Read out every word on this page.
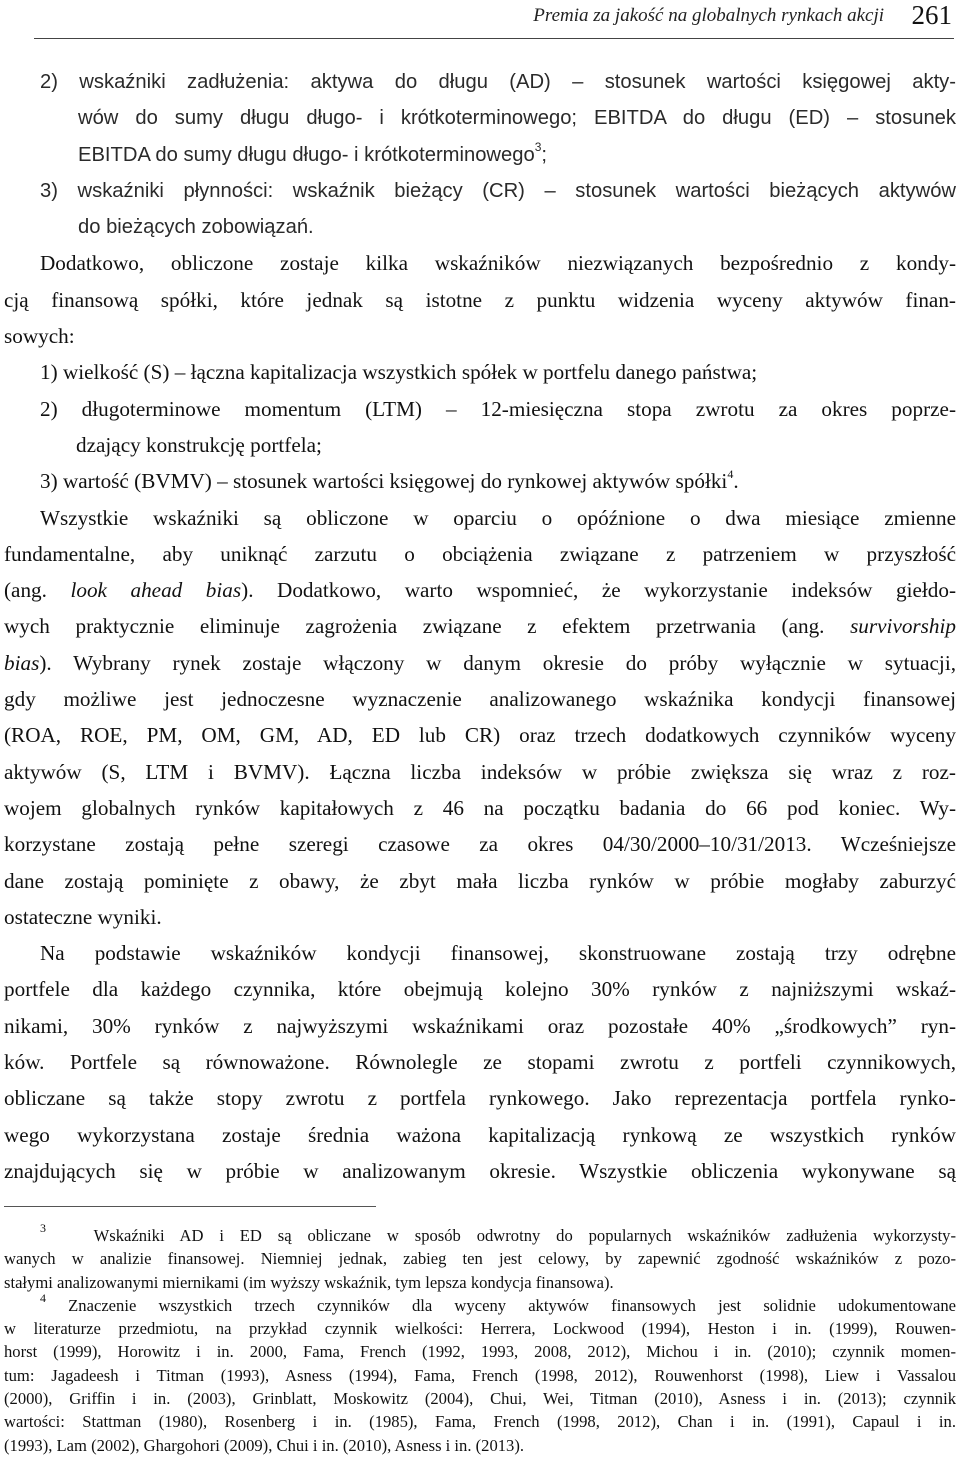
Premia za jakość na globalnych rynkach akcji 261
2) wskaźniki zadłużenia: aktywa do długu (AD) – stosunek wartości księgowej akty-
wów do sumy długu długo- i krótkoterminowego; EBITDA do długu (ED) – stosunek
EBITDA do sumy długu długo- i krótkoterminowego$^3$;
3) wskaźniki płynności: wskaźnik bieżący (CR) – stosunek wartości bieżących aktywów
do bieżących zobowiązań.
Dodatkowo, obliczone zostaje kilka wskaźników niezwiązanych bezpośrednio z kondy-
cją finansową spółki, które jednak są istotne z punktu widzenia wyceny aktywów finan-
sowych:
1) wielkość (S) – łączna kapitalizacja wszystkich spółek w portfelu danego państwa;
2) długoterminowe momentum (LTM) – 12-miesięczna stopa zwrotu za okres poprze-
dzający konstrukcję portfela;
3) wartość (BVMV) – stosunek wartości księgowej do rynkowej aktywów spółki$^4$.
Wszystkie wskaźniki są obliczone w oparciu o opóźnione o dwa miesiące zmienne
fundamentalne, aby uniknąć zarzutu o obciążenia związane z patrzeniem w przyszłość
(ang. look ahead bias). Dodatkowo, warto wspomnieć, że wykorzystanie indeksów giełdo-
wych praktycznie eliminuje zagrożenia związane z efektem przetrwania (ang. survivorship
bias). Wybrany rynek zostaje włączony w danym okresie do próby wyłącznie w sytuacji,
gdy możliwe jest jednoczesne wyznaczenie analizowanego wskaźnika kondycji finansowej
(ROA, ROE, PM, OM, GM, AD, ED lub CR) oraz trzech dodatkowych czynników wyceny
aktywów (S, LTM i BVMV). Łączna liczba indeksów w próbie zwiększa się wraz z roz-
wojem globalnych rynków kapitałowych z 46 na początku badania do 66 pod koniec. Wy-
korzystane zostają pełne szeregi czasowe za okres 04/30/2000–10/31/2013. Wcześniejsze
dane zostają pominięte z obawy, że zbyt mała liczba rynków w próbie mogłaby zaburzyć
ostateczne wyniki.
Na podstawie wskaźników kondycji finansowej, skonstruowane zostają trzy odrębne
portfele dla każdego czynnika, które obejmują kolejno 30% rynków z najniższymi wskaź-
nikami, 30% rynków z najwyższymi wskaźnikami oraz pozostałe 40% „środkowych” ryn-
ków. Portfele są równoważone. Równolegle ze stopami zwrotu z portfeli czynnikowych,
obliczane są także stopy zwrotu z portfela rynkowego. Jako reprezentacja portfela rynko-
wego wykorzystana zostaje średnia ważona kapitalizacją rynkową ze wszystkich rynków
znajdujących się w próbie w analizowanym okresie. Wszystkie obliczenia wykonywane są
$^3$	Wskaźniki AD i ED są obliczane w sposób odwrotny do popularnych wskaźników zadłużenia wykorzysty-
wanych w analizie finansowej. Niemniej jednak, zabieg ten jest celowy, by zapewnić zgodność wskaźników z pozo-
stałymi analizowanymi miernikami (im wyższy wskaźnik, tym lepsza kondycja finansowa).
$^4$ Znaczenie wszystkich trzech czynników dla wyceny aktywów finansowych jest solidnie udokumentowane
w literaturze przedmiotu, na przykład czynnik wielkości: Herrera, Lockwood (1994), Heston i in. (1999), Rouwen-
horst (1999), Horowitz i in. 2000, Fama, French (1992, 1993, 2008, 2012), Michou i in. (2010); czynnik momen-
tum: Jagadeesh i Titman (1993), Asness (1994), Fama, French (1998, 2012), Rouwenhorst (1998), Liew i Vassalou
(2000), Griffin i in. (2003), Grinblatt, Moskowitz (2004), Chui, Wei, Titman (2010), Asness i in. (2013); czynnik
wartości: Stattman (1980), Rosenberg i in. (1985), Fama, French (1998, 2012), Chan i in. (1991), Capaul i in.
(1993), Lam (2002), Ghargohori (2009), Chui i in. (2010), Asness i in. (2013).
